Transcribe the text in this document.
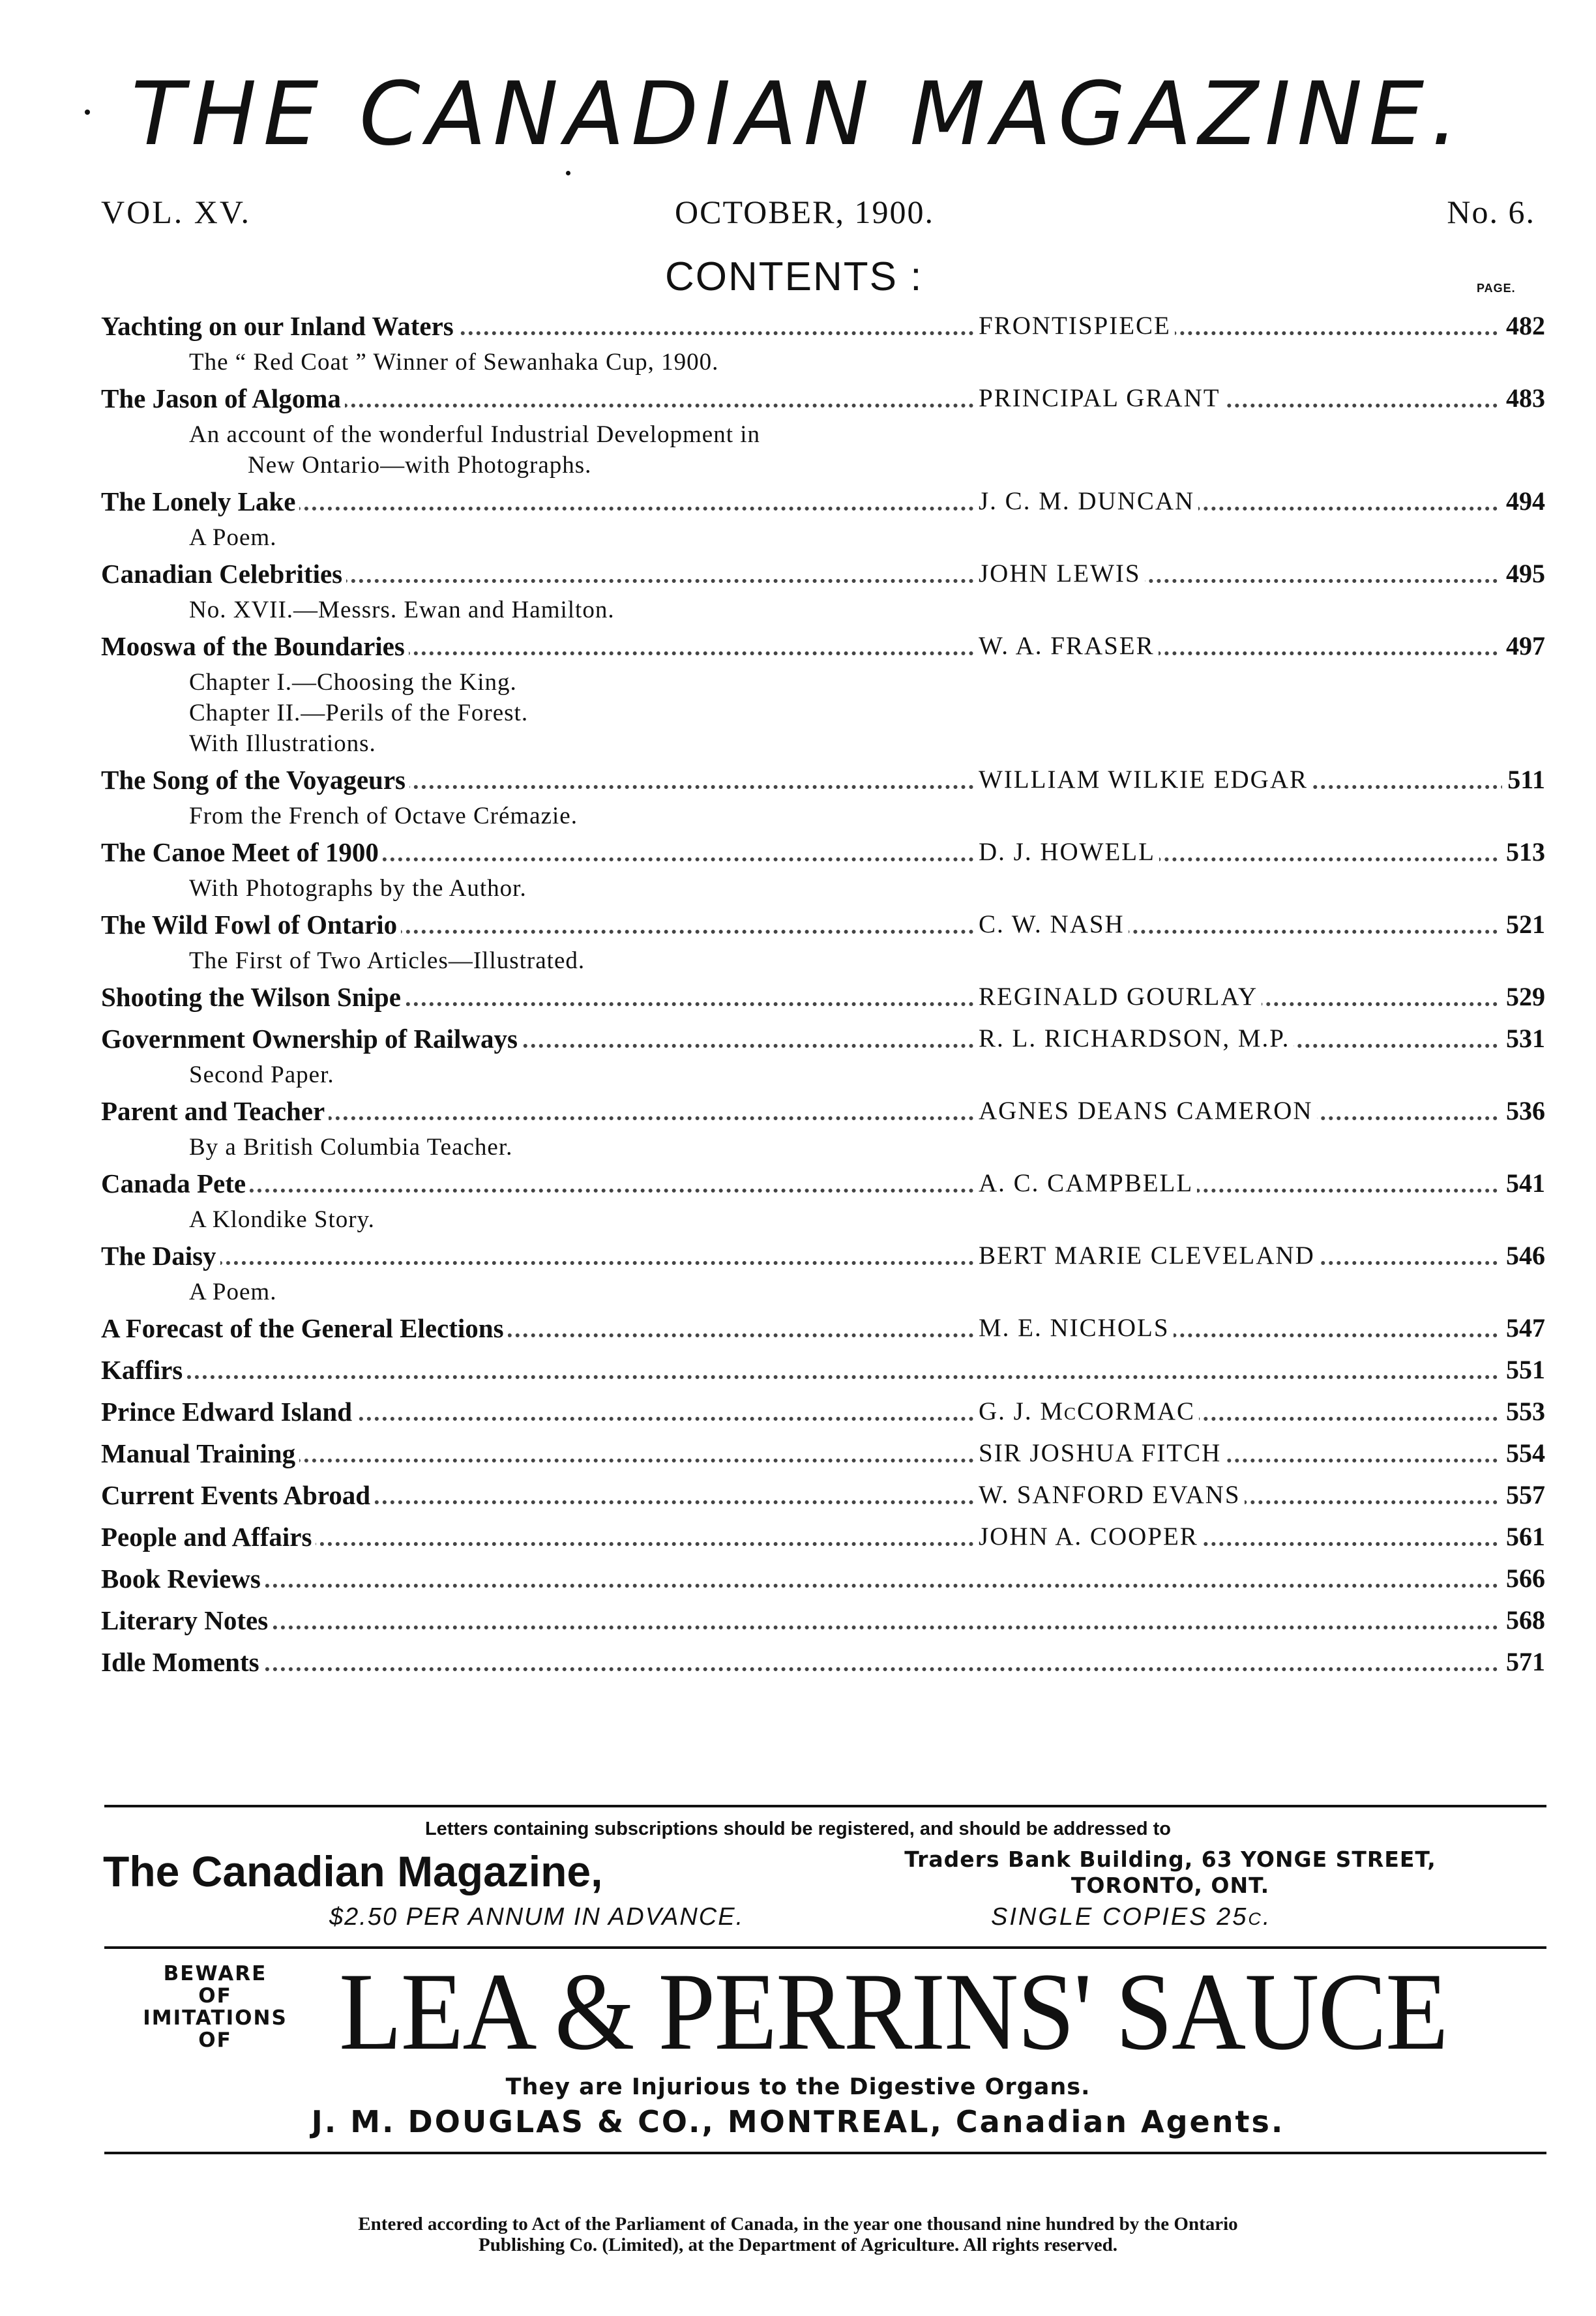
THE CANADIAN MAGAZINE.
VOL. XV.	OCTOBER, 1900.	No. 6.
CONTENTS :	PAGE.
Yachting on our Inland Waters	FRONTISPIECE	482
The “ Red Coat ” Winner of Sewanhaka Cup, 1900.
The Jason of Algoma	PRINCIPAL GRANT	483
An account of the wonderful Industrial Development in
New Ontario—with Photographs.
The Lonely Lake	J. C. M. DUNCAN	494
A Poem.
Canadian Celebrities	JOHN LEWIS	495
No. XVII.—Messrs. Ewan and Hamilton.
Mooswa of the Boundaries	W. A. FRASER	497
Chapter I.—Choosing the King.
Chapter II.—Perils of the Forest.
With Illustrations.
The Song of the Voyageurs	WILLIAM WILKIE EDGAR	511
From the French of Octave Crémazie.
The Canoe Meet of 1900	D. J. HOWELL	513
With Photographs by the Author.
The Wild Fowl of Ontario	C. W. NASH	521
The First of Two Articles—Illustrated.
Shooting the Wilson Snipe	REGINALD GOURLAY	529
Government Ownership of Railways	R. L. RICHARDSON, M.P.	531
Second Paper.
Parent and Teacher	AGNES DEANS CAMERON	536
By a British Columbia Teacher.
Canada Pete	A. C. CAMPBELL	541
A Klondike Story.
The Daisy	BERT MARIE CLEVELAND	546
A Poem.
A Forecast of the General Elections	M. E. NICHOLS	547
Kaffirs	551
Prince Edward Island	G. J. McCORMAC	553
Manual Training	SIR JOSHUA FITCH	554
Current Events Abroad	W. SANFORD EVANS	557
People and Affairs	JOHN A. COOPER	561
Book Reviews	566
Literary Notes	568
Idle Moments	571
Letters containing subscriptions should be registered, and should be addressed to
The Canadian Magazine,	Traders Bank Building, 63 YONGE STREET,
TORONTO, ONT.
$2.50 PER ANNUM IN ADVANCE.	SINGLE COPIES 25c.
BEWARE
OF
IMITATIONS
OF LEA & PERRINS' SAUCE
They are Injurious to the Digestive Organs.
J. M. DOUGLAS & CO., MONTREAL, Canadian Agents.
Entered according to Act of the Parliament of Canada, in the year one thousand nine hundred by the Ontario
Publishing Co. (Limited), at the Department of Agriculture. All rights reserved.
